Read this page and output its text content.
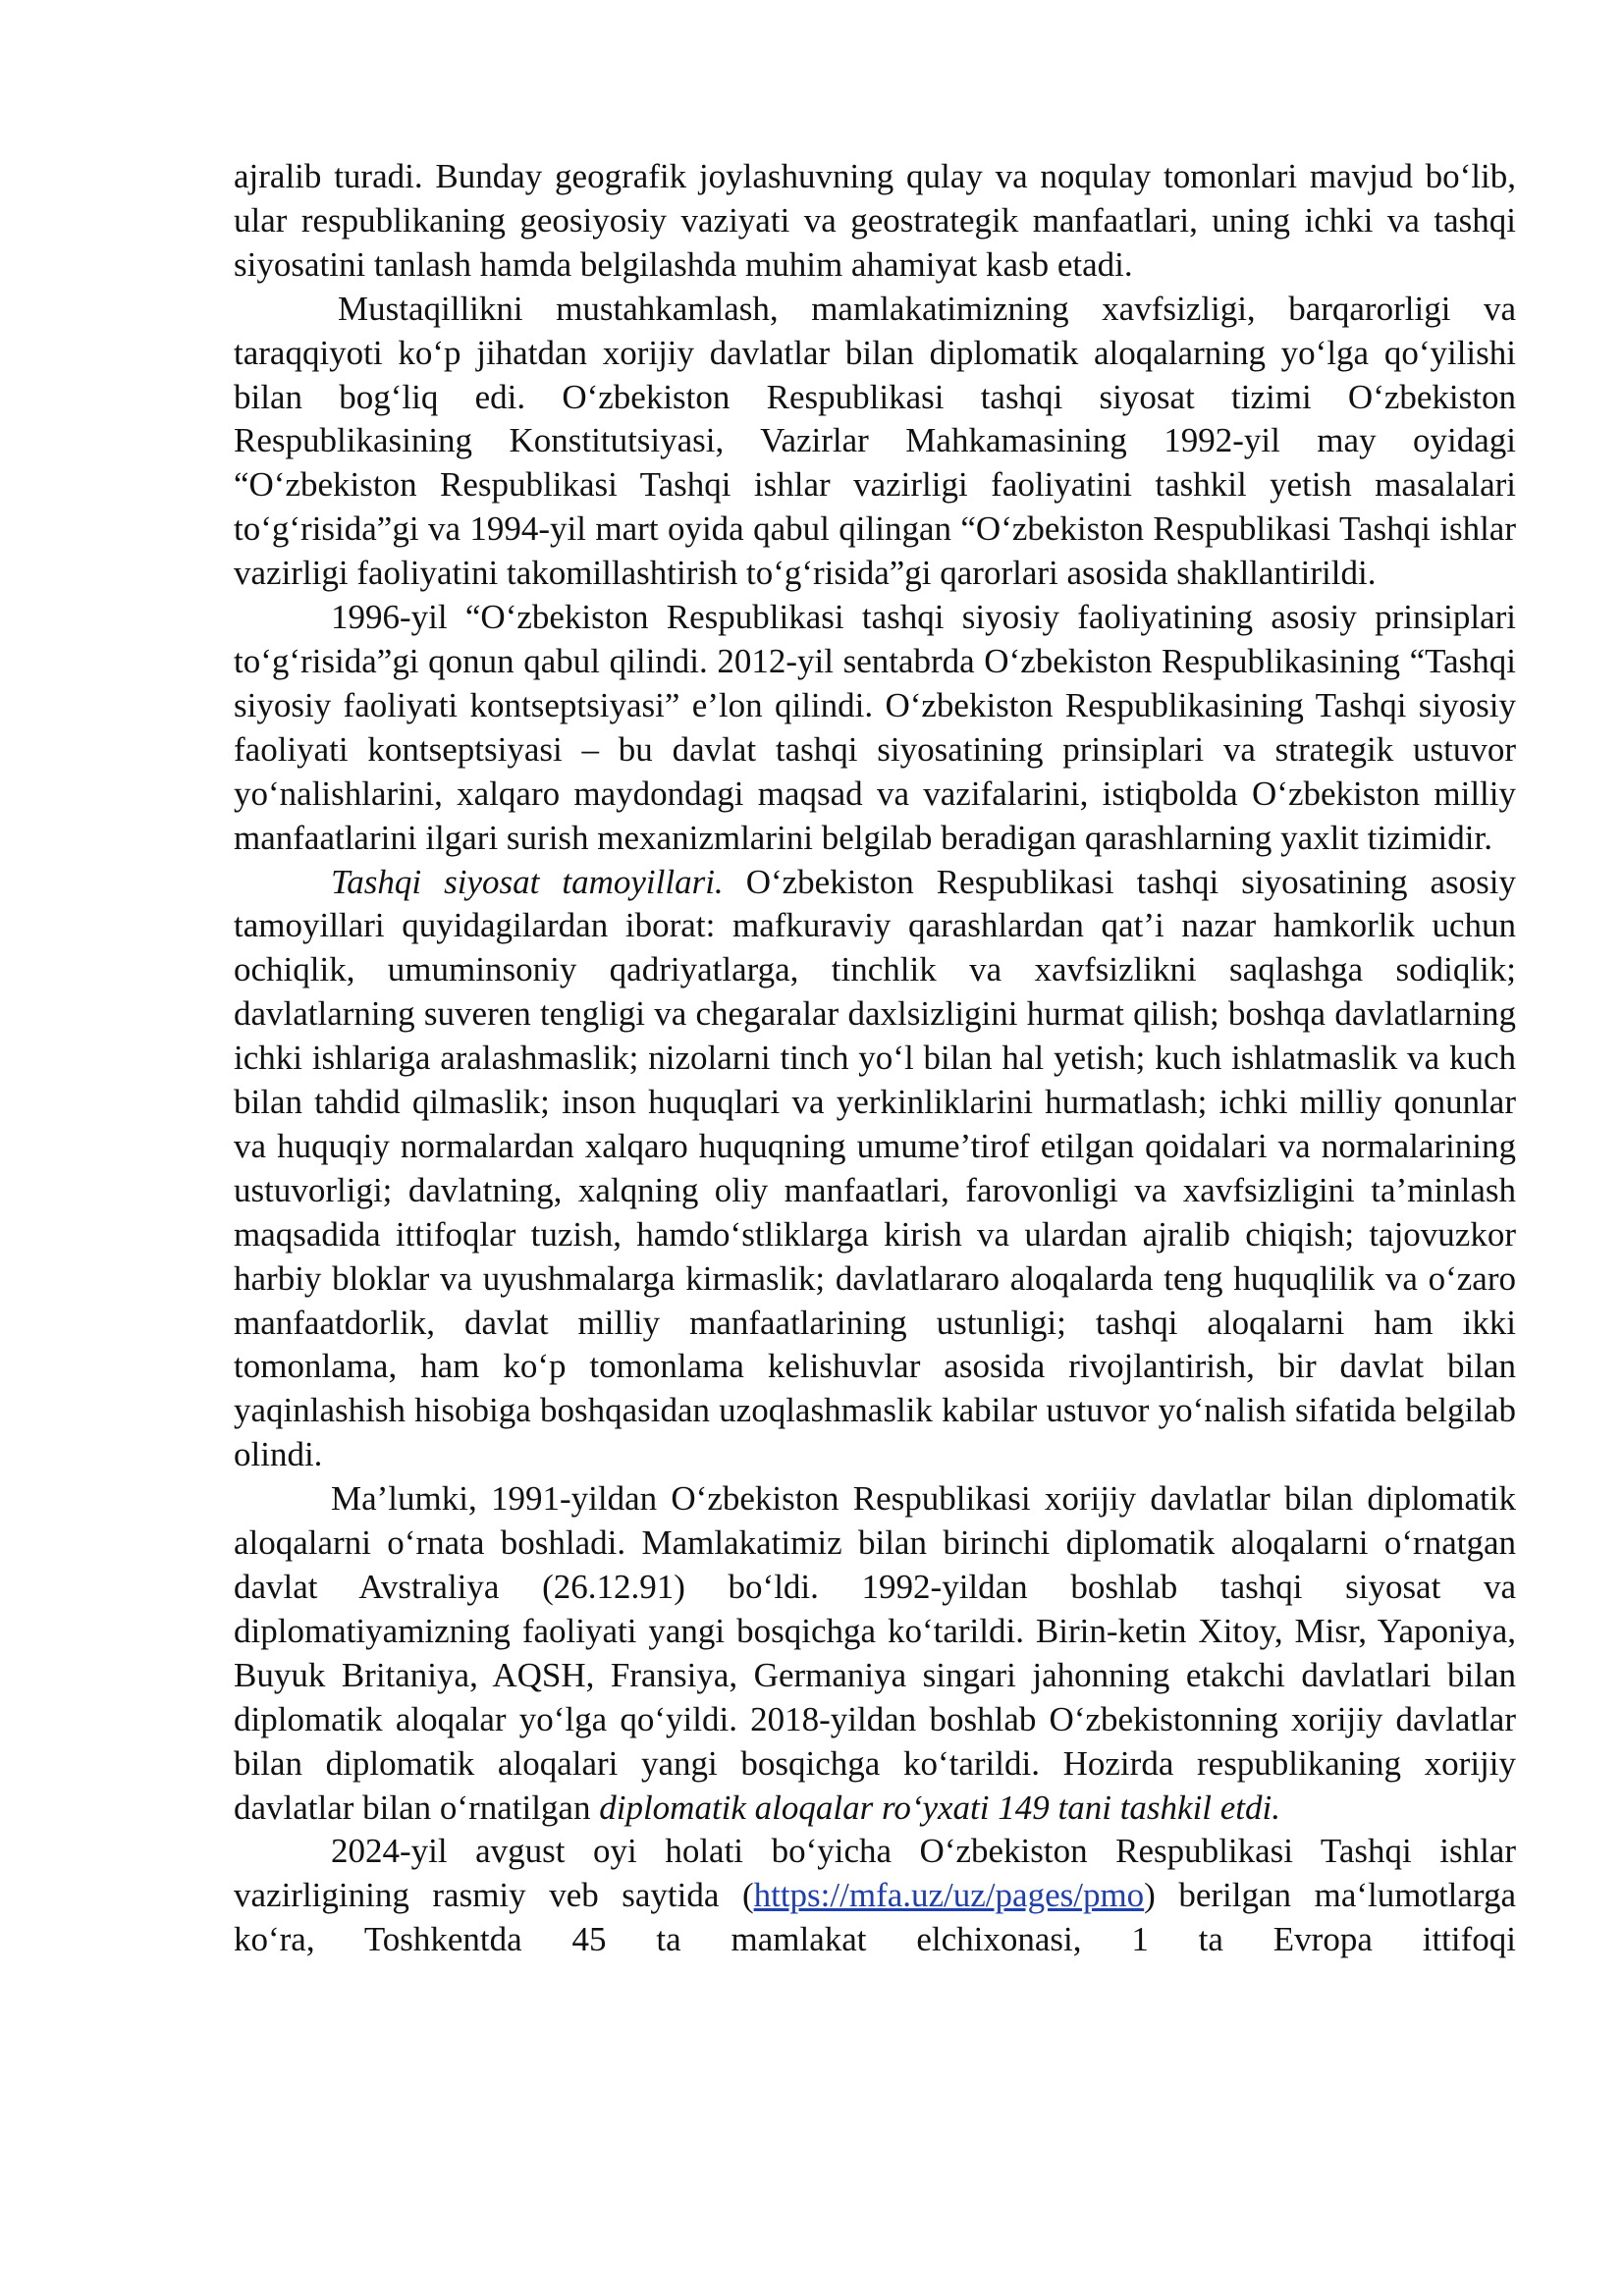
ajralib turadi. Bunday geografik joylashuvning qulay va noqulay tomonlari mavjud bo‘lib, ular respublikaning geosiyosiy vaziyati va geostrategik manfaatlari, uning ichki va tashqi siyosatini tanlash hamda belgilashda muhim ahamiyat kasb etadi.

Mustaqillikni mustahkamlash, mamlakatimizning xavfsizligi, barqarorligi va taraqqiyoti ko‘p jihatdan xorijiy davlatlar bilan diplomatik aloqalarning yo‘lga qo‘yilishi bilan bog‘liq edi. O‘zbekiston Respublikasi tashqi siyosat tizimi O‘zbekiston Respublikasining Konstitutsiyasi, Vazirlar Mahkamasining 1992-yil may oyidagi “O‘zbekiston Respublikasi Tashqi ishlar vazirligi faoliyatini tashkil yetish masalalari to‘g‘risida”gi va 1994-yil mart oyida qabul qilingan “O‘zbekiston Respublikasi Tashqi ishlar vazirligi faoliyatini takomillashtirish to‘g‘risida”gi qarorlari asosida shakllantirildi.

1996-yil “O‘zbekiston Respublikasi tashqi siyosiy faoliyatining asosiy prinsiplari to‘g‘risida”gi qonun qabul qilindi. 2012-yil sentabrda O‘zbekiston Respublikasining “Tashqi siyosiy faoliyati kontseptsiyasi” e’lon qilindi. O‘zbekiston Respublikasining Tashqi siyosiy faoliyati kontseptsiyasi – bu davlat tashqi siyosatining prinsiplari va strategik ustuvor yo‘nalishlarini, xalqaro maydondagi maqsad va vazifalarini, istiqbolda O‘zbekiston milliy manfaatlarini ilgari surish mexanizmlarini belgilab beradigan qarashlarning yaxlit tizimidir.

Tashqi siyosat tamoyillari. O‘zbekiston Respublikasi tashqi siyosatining asosiy tamoyillari quyidagilardan iborat: mafkuraviy qarashlardan qat’i nazar hamkorlik uchun ochiqlik, umuminsoniy qadriyatlarga, tinchlik va xavfsizlikni saqlashga sodiqlik; davlatlarning suveren tengligi va chegaralar daxlsizligini hurmat qilish; boshqa davlatlarning ichki ishlariga aralashmaslik; nizolarni tinch yo‘l bilan hal yetish; kuch ishlatmaslik va kuch bilan tahdid qilmaslik; inson huquqlari va yerkinliklarini hurmatlash; ichki milliy qonunlar va huquqiy normalardan xalqaro huquqning umume’tirof etilgan qoidalari va normalarining ustuvorligi; davlatning, xalqning oliy manfaatlari, farovonligi va xavfsizligini ta’minlash maqsadida ittifoqlar tuzish, hamdo‘stliklarga kirish va ulardan ajralib chiqish; tajovuzkor harbiy bloklar va uyushmalarga kirmaslik; davlatlararo aloqalarda teng huquqlilik va o‘zaro manfaatdorlik, davlat milliy manfaatlarining ustunligi; tashqi aloqalarni ham ikki tomonlama, ham ko‘p tomonlama kelishuvlar asosida rivojlantirish, bir davlat bilan yaqinlashish hisobiga boshqasidan uzoqlashmaslik kabilar ustuvor yo‘nalish sifatida belgilab olindi.

Ma’lumki, 1991-yildan O‘zbekiston Respublikasi xorijiy davlatlar bilan diplomatik aloqalarni o‘rnata boshladi. Mamlakatimiz bilan birinchi diplomatik aloqalarni o‘rnatgan davlat Avstraliya (26.12.91) bo‘ldi. 1992-yildan boshlab tashqi siyosat va diplomatiyamizning faoliyati yangi bosqichga ko‘tarildi. Birin-ketin Xitoy, Misr, Yaponiya, Buyuk Britaniya, AQSH, Fransiya, Germaniya singari jahonning etakchi davlatlari bilan diplomatik aloqalar yo‘lga qo‘yildi. 2018-yildan boshlab O‘zbekistonning xorijiy davlatlar bilan diplomatik aloqalari yangi bosqichga ko‘tarildi. Hozirda respublikaning xorijiy davlatlar bilan o‘rnatilgan diplomatik aloqalar ro‘yxati 149 tani tashkil etdi.

2024-yil avgust oyi holati bo‘yicha O‘zbekiston Respublikasi Tashqi ishlar vazirligining rasmiy veb saytida (https://mfa.uz/uz/pages/pmo) berilgan ma‘lumotlarga ko‘ra, Toshkentda 45 ta mamlakat elchixonasi, 1 ta Evropa ittifoqi
